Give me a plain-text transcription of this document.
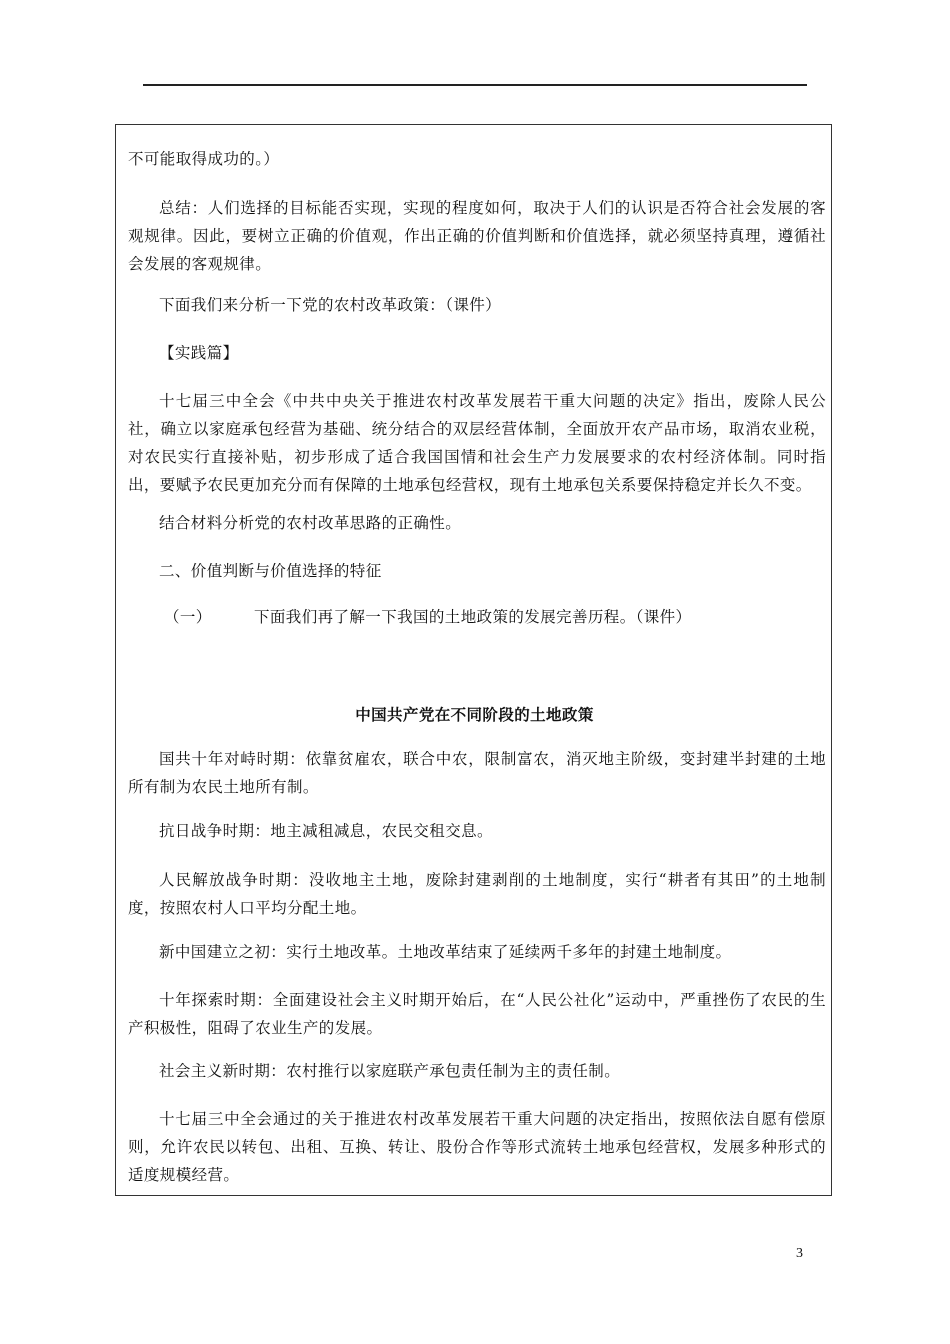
不可能取得成功的。）
总结：人们选择的目标能否实现，实现的程度如何，取决于人们的认识是否符合社会发展的客观规律。因此，要树立正确的价值观，作出正确的价值判断和价值选择，就必须坚持真理，遵循社会发展的客观规律。
下面我们来分析一下党的农村改革政策：（课件）
【实践篇】
十七届三中全会《中共中央关于推进农村改革发展若干重大问题的决定》指出，废除人民公社，确立以家庭承包经营为基础、统分结合的双层经营体制，全面放开农产品市场，取消农业税，对农民实行直接补贴，初步形成了适合我国国情和社会生产力发展要求的农村经济体制。同时指出，要赋予农民更加充分而有保障的土地承包经营权，现有土地承包关系要保持稳定并长久不变。
结合材料分析党的农村改革思路的正确性。
二、价值判断与价值选择的特征
（一）	下面我们再了解一下我国的土地政策的发展完善历程。（课件）
中国共产党在不同阶段的土地政策
国共十年对峙时期：依靠贫雇农，联合中农，限制富农，消灭地主阶级，变封建半封建的土地所有制为农民土地所有制。
抗日战争时期：地主减租减息，农民交租交息。
人民解放战争时期：没收地主土地，废除封建剥削的土地制度，实行“耕者有其田”的土地制度，按照农村人口平均分配土地。
新中国建立之初：实行土地改革。土地改革结束了延续两千多年的封建土地制度。
十年探索时期：全面建设社会主义时期开始后，在“人民公社化”运动中，严重挫伤了农民的生产积极性，阻碍了农业生产的发展。
社会主义新时期：农村推行以家庭联产承包责任制为主的责任制。
十七届三中全会通过的关于推进农村改革发展若干重大问题的决定指出，按照依法自愿有偿原则，允许农民以转包、出租、互换、转让、股份合作等形式流转土地承包经营权，发展多种形式的适度规模经营。
3
